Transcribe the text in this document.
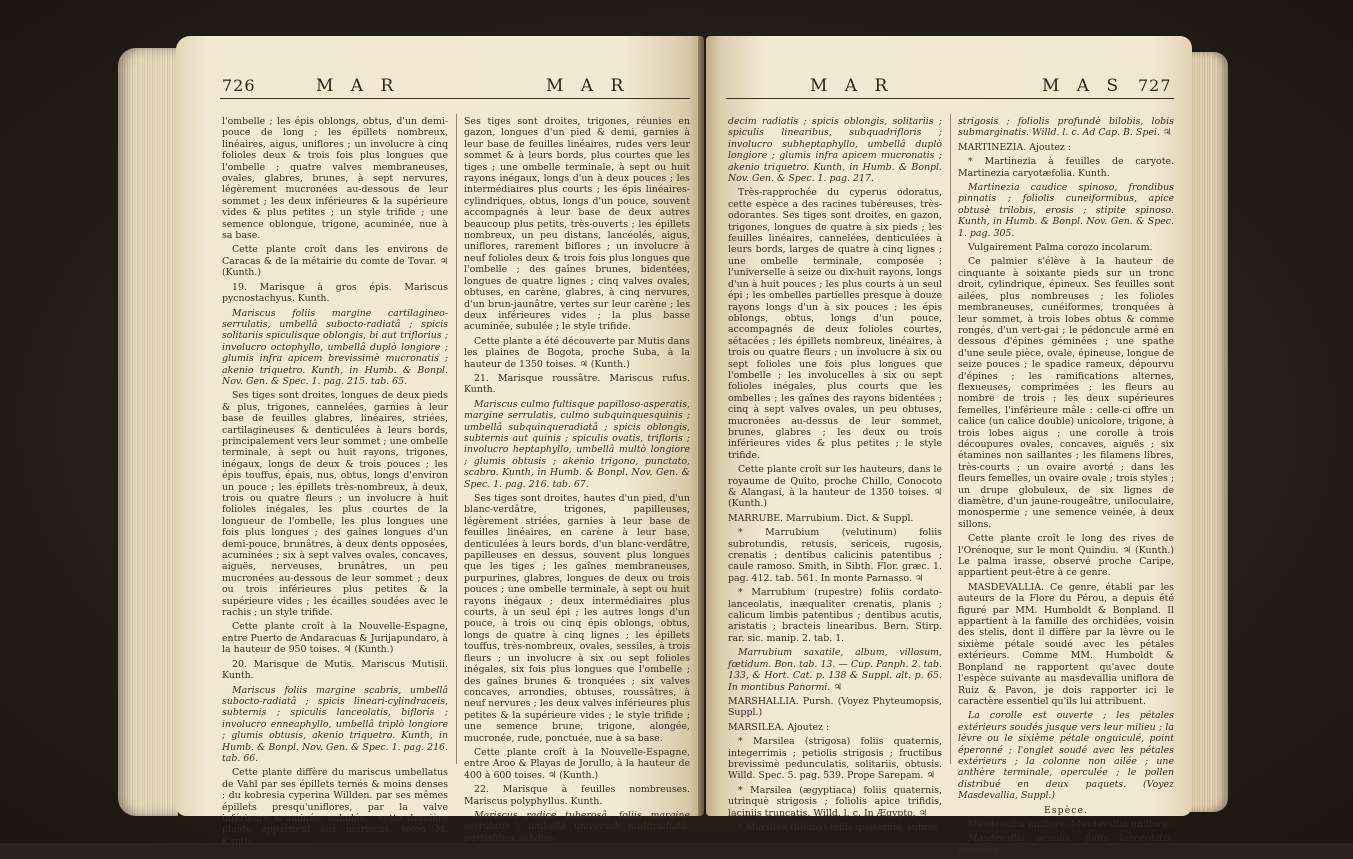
726	M A R	M A R

l'ombelle ; les épis oblongs, obtus, d'un demi-pouce de long ; les épillets nombreux, linéaires, aigus, uniflores ; un involucre à cinq folioles deux & trois fois plus longues que l'ombelle ; quatre valves membraneuses, ovales, glabres, brunes, à sept nervures, légèrement mucronées au-dessous de leur sommet ; les deux inférieures & la supérieure vides & plus petites ; un style trifide ; une semence oblongue, trigone, acuminée, nue à sa base.

Cette plante croît dans les environs de Caracas & de la métairie du comte de Tovar. ♃ (Kunth.)

19. Marisque à gros épis. Mariscus pycnostachyus. Kunth.

Mariscus foliis margine cartilagineo-serrulatis, umbellâ subocto-radiatâ ; spicis solitariis spiculisque oblongis, bi aut triflorius ; involucro octophyllo, umbellâ duplò longiore ; glumis infra apicem brevissimè mucronatis ; akenio triquetro. Kunth, in Humb. & Bonpl. Nov. Gen. & Spec. 1. pag. 215. tab. 65.

Ses tiges sont droites, longues de deux pieds & plus, trigones, cannelées, garnies à leur base de feuilles glabres, linéaires, striées, cartilagineuses & denticulées à leurs bords, principalement vers leur sommet ; une ombelle terminale, à sept ou huit rayons, trigones, inégaux, longs de deux & trois pouces ; les épis touffus, épais, nus, obtus, longs d'environ un pouce ; les épillets très-nombreux, à deux, trois ou quatre fleurs ; un involucre à huit folioles inégales, les plus courtes de la longueur de l'ombelle, les plus longues une fois plus longues ; des gaînes longues d'un demi-pouce, brunâtres, à deux dents opposées, acuminées ; six à sept valves ovales, concaves, aiguës, nerveuses, brunâtres, un peu mucronées au-dessous de leur sommet ; deux ou trois inférieures plus petites & la supérieure vides ; les écailles soudées avec le rachis ; un style trifide.

Cette plante croît à la Nouvelle-Espagne, entre Puerto de Andaracuas & Jurijapundaro, à la hauteur de 950 toises. ♃ (Kunth.)

20. Marisque de Mutis. Mariscus Mutisii. Kunth.

Mariscus foliis margine scabris, umbellâ subocto-radiatâ ; spicis lineari-cylindraceis, subternis ; spiculis lanceolatis, bifloris ; involucro enneaphyllo, umbellâ triplò longiore ; glumis obtusis, akenio triquetro. Kunth, in Humb. & Bonpl. Nov. Gen. & Spec. 1. pag. 216. tab. 66.

Cette plante diffère du mariscus umbellatus de Vahl par ses épillets ternés & moins denses ; du kobresia cyperina Willden. par ses mêmes épillets presqu'uniflores, par la valve inférieure acuminée, subulée : cette dernière plante appartient aux mariscus, selon M. Kunth.

Ses tiges sont droites, trigones, réunies en gazon, longues d'un pied & demi, garnies à leur base de feuilles linéaires, rudes vers leur sommet & à leurs bords, plus courtes que les tiges ; une ombelle terminale, à sept ou huit rayons inégaux, longs d'un à deux pouces ; les intermédiaires plus courts ; les épis linéaires-cylindriques, obtus, longs d'un pouce, souvent accompagnés à leur base de deux autres beaucoup plus petits, très-ouverts ; les épillets nombreux, un peu distans, lancéolés, aigus, uniflores, rarement biflores ; un involucre à neuf folioles deux & trois fois plus longues que l'ombelle ; des gaînes brunes, bidentées, longues de quatre lignes ; cinq valves ovales, obtuses, en carène, glabres, à cinq nervures, d'un brun-jaunâtre, vertes sur leur carène ; les deux inférieures vides ; la plus basse acuminée, subulée ; le style trifide.

Cette plante a été découverte par Mutis dans les plaines de Bogota, proche Suba, à la hauteur de 1350 toises. ♃ (Kunth.)

21. Marisque roussâtre. Mariscus rufus. Kunth.

Mariscus culmo fultisque papilloso-asperatis, margine serrulatis, culmo subquinquesquinis ; umbellâ subquinqueradiatâ ; spicis oblongis, subternis aut quinis ; spiculis ovatis, trifloris ; involucro heptaphyllo, umbellâ multò longiore ; glumis obtusis ; akenio trigono, punctato, scabro. Kunth, in Humb. & Bonpl. Nov. Gen. & Spec. 1. pag. 216. tab. 67.

Ses tiges sont droites, hautes d'un pied, d'un blanc-verdâtre, trigones, papilleuses, légèrement striées, garnies à leur base de feuilles linéaires, en carène à leur base, denticulées à leurs bords, d'un blanc-verdâtre, papilleuses en dessus, souvent plus longues que les tiges ; les gaînes membraneuses, purpurines, glabres, longues de deux ou trois pouces ; une ombelle terminale, à sept ou huit rayons inégaux ; deux intermédiaires plus courts, à un seul épi ; les autres longs d'un pouce, à trois ou cinq épis oblongs, obtus, longs de quatre à cinq lignes ; les épillets touffus, très-nombreux, ovales, sessiles, à trois fleurs ; un involucre à six ou sept folioles inégales, six fois plus longues que l'ombelle ; des gaînes brunes & tronquées ; six valves concaves, arrondies, obtuses, roussâtres, à neuf nervures ; les deux valves inférieures plus petites & la supérieure vides ; le style trifide ; une semence brune, trigone, alongée, mucronée, rude, ponctuée, nue à sa base.

Cette plante croît à la Nouvelle-Espagne, entre Aroo & Playas de Jorullo, à la hauteur de 400 à 600 toises. ♃ (Kunth.)

22. Marisque à feuilles nombreuses. Mariscus polyphyllus. Kunth.

Mariscus radice tuberosâ, foliis margine serrulatis ; umbellâ universali multiradiatâ, partialibus subduo-

M A R	M A S 727

decim radiatis ; spicis oblongis, solitariis ; spiculis linearibus, subquadrifloris ; involucro subheptaphyllo, umbellâ duplò longiore ; glumis infra apicem mucronatis ; akenio triquetro. Kunth, in Humb. & Bonpl. Nov. Gen. & Spec. 1. pag. 217.

Très-rapprochée du cyperus odoratus, cette espèce a des racines tubéreuses, très-odorantes. Ses tiges sont droites, en gazon, trigones, longues de quatre à six pieds ; les feuilles linéaires, cannelées, denticulées à leurs bords, larges de quatre à cinq lignes ; une ombelle terminale, composée ; l'universelle à seize ou dix-huit rayons, longs d'un à huit pouces ; les plus courts à un seul épi ; les ombelles partielles presque à douze rayons longs d'un à six pouces ; les épis oblongs, obtus, longs d'un pouce, accompagnés de deux folioles courtes, sétacées ; les épillets nombreux, linéaires, à trois ou quatre fleurs ; un involucre à six ou sept folioles une fois plus longues que l'ombelle ; les involucelles à six ou sept folioles inégales, plus courts que les ombelles ; les gaînes des rayons bidentées ; cinq à sept valves ovales, un peu obtuses, mucronées au-dessus de leur sommet, brunes, glabres ; les deux ou trois inférieures vides & plus petites ; le style trifide.

Cette plante croît sur les hauteurs, dans le royaume de Quito, proche Chillo, Conocoto & Alangasi, à la hauteur de 1350 toises. ♃ (Kunth.)

MARRUBE. Marrubium. Dict. & Suppl.

* Marrubium (velutinum) foliis subrotundis, retusis, sericeis, rugosis, crenatis ; dentibus calicinis patentibus ; caule ramoso. Smith, in Sibth. Flor. græc. 1. pag. 412. tab. 561. In monte Parnasso. ♃

* Marrubium (rupestre) foliis cordato-lanceolatis, inæqualiter crenatis, planis ; calicum limbis patentibus ; dentibus acutis, aristatis ; bracteis linearibus. Bern. Stirp. rar. sic. manip. 2. tab. 1.

Marrubium saxatile, album, villosum, fœtidum. Bon. tab. 13. — Cup. Panph. 2. tab. 133, & Hort. Cat. p. 138 & Suppl. alt. p. 65. In montibus Panormi. ♃

MARSHALLIA. Pursh. (Voyez Phyteumopsis, Suppl.)

MARSILEA. Ajoutez :

* Marsilea (strigosa) foliis quaternis, integerrimis ; petiolis strigosis ; fructibus brevissimè pedunculatis, solitariis, obtusis. Willd. Spec. 5. pag. 539. Prope Sarepam. ♃

* Marsilea (ægyptiaca) foliis quaternis, utrinquè strigosis ; foliolis apice trifidis, laciniis truncatis. Willd. l. c. In Ægypto. ♃

* Marsilea (biloba) foliis quaternis, subius

strigosis ; foliolis profundè bilobis, lobis submarginatis. Willd. l. c. Ad Cap. B. Spei. ♃

MARTINEZIA. Ajoutez :

* Martinezia à feuilles de caryote. Martinezia caryotæfolia. Kunth.

Martinezia caudice spinoso, frondibus pinnatis ; foliolis cuneiformibus, apice obtusè trilobis, erosis ; stipite spinoso. Kunth, in Humb. & Bonpl. Nov. Gen. & Spec. 1. pag. 305.

Vulgairement Palma corozo incolarum.

Ce palmier s'élève à la hauteur de cinquante à soixante pieds sur un tronc droit, cylindrique, épineux. Ses feuilles sont ailées, plus nombreuses ; les folioles membraneuses, cunéiformes, tronquées à leur sommet, à trois lobes obtus & comme rongés, d'un vert-gai ; le pédoncule armé en dessous d'épines géminées ; une spathe d'une seule pièce, ovale, épineuse, longue de seize pouces ; le spadice rameux, dépourvu d'épines ; les ramifications alternes, flexueuses, comprimées ; les fleurs au nombre de trois ; les deux supérieures femelles, l'inférieure mâle : celle-ci offre un calice (un calice double) unicolore, trigone, à trois lobes aigus ; une corolle à trois découpures ovales, concaves, aiguës ; six étamines non saillantes ; les filamens libres, très-courts ; un ovaire avorté ; dans les fleurs femelles, un ovaire ovale ; trois styles ; un drupe globuleux, de six lignes de diamètre, d'un jaune-rougeâtre, uniloculaire, monosperme ; une semence veinée, à deux sillons.

Cette plante croît le long des rives de l'Orénoque, sur le mont Quindiu. ♃ (Kunth.) Le palma irasse, observé proche Caripe, appartient peut-être à ce genre.

MASDEVALLIA. Ce genre, établi par les auteurs de la Flore du Pérou, a depuis été figuré par MM. Humboldt & Bonpland. Il appartient à la famille des orchidées, voisin des stelis, dont il diffère par la lèvre ou le sixième pétale soudé avec les pétales extérieurs. Comme MM. Humboldt & Bonpland ne rapportent qu'avec doute l'espèce suivante au masdevallia uniflora de Ruiz & Pavon, je dois rapporter ici le caractère essentiel qu'ils lui attribuent.

La corolle est ouverte ; les pétales extérieurs soudés jusque vers leur milieu ; la lèvre ou le sixième pétale onguiculé, point éperonné ; l'onglet soudé avec les pétales extérieurs ; la colonne non ailée ; une anthère terminale, operculée ; le pollen distribué en deux paquets. (Voyez Masdevallia, Suppl.)

Espèce.

Masdevallia uniflore. Masdevallia uniflora.

Masdevallia acaulis, foliis lanceolatis, obtusius-
